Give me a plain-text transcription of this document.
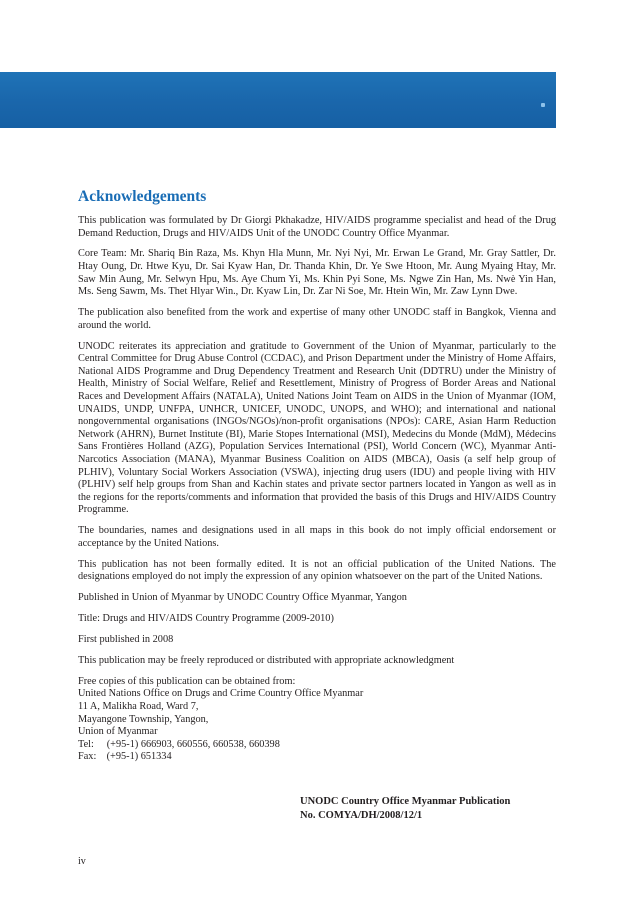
Acknowledgements

This publication was formulated by Dr Giorgi Pkhakadze, HIV/AIDS programme specialist and head of the Drug Demand Reduction, Drugs and HIV/AIDS Unit of the UNODC Country Office Myanmar.

Core Team: Mr. Shariq Bin Raza, Ms. Khyn Hla Munn, Mr. Nyi Nyi, Mr. Erwan Le Grand, Mr. Gray Sattler, Dr. Htay Oung, Dr. Htwe Kyu, Dr. Sai Kyaw Han, Dr. Thanda Khin, Dr. Ye Swe Htoon, Mr. Aung Myaing Htay, Mr. Saw Min Aung, Mr. Selwyn Hpu, Ms. Aye Chum Yi, Ms. Khin Pyi Sone, Ms. Ngwe Zin Han, Ms. Nwè Yin Han, Ms. Seng Sawm, Ms. Thet Hlyar Win., Dr. Kyaw Lin, Dr. Zar Ni Soe, Mr. Htein Win, Mr. Zaw Lynn Dwe.

The publication also benefited from the work and expertise of many other UNODC staff in Bangkok, Vienna and around the world.

UNODC reiterates its appreciation and gratitude to Government of the Union of Myanmar, particularly to the Central Committee for Drug Abuse Control (CCDAC), and Prison Department under the Ministry of Home Affairs, National AIDS Programme and Drug Dependency Treatment and Research Unit (DDTRU) under the Ministry of Health, Ministry of Social Welfare, Relief and Resettlement, Ministry of Progress of Border Areas and National Races and Development Affairs (NATALA), United Nations Joint Team on AIDS in the Union of Myanmar (IOM, UNAIDS, UNDP, UNFPA, UNHCR, UNICEF, UNODC, UNOPS, and WHO); and international and national nongovernmental organisations (INGOs/NGOs)/non-profit organisations (NPOs): CARE, Asian Harm Reduction Network (AHRN), Burnet Institute (BI), Marie Stopes International (MSI), Medecins du Monde (MdM), Médecins Sans Frontières Holland (AZG), Population Services International (PSI), World Concern (WC), Myanmar Anti-Narcotics Association (MANA), Myanmar Business Coalition on AIDS (MBCA), Oasis (a self help group of PLHIV), Voluntary Social Workers Association (VSWA), injecting drug users (IDU) and people living with HIV (PLHIV) self help groups from Shan and Kachin states and private sector partners located in Yangon as well as in the regions for the reports/comments and information that provided the basis of this Drugs and HIV/AIDS Country Programme.

The boundaries, names and designations used in all maps in this book do not imply official endorsement or acceptance by the United Nations.

This publication has not been formally edited. It is not an official publication of the United Nations. The designations employed do not imply the expression of any opinion whatsoever on the part of the United Nations.

Published in Union of Myanmar by UNODC Country Office Myanmar, Yangon

Title: Drugs and HIV/AIDS Country Programme (2009-2010)

First published in 2008

This publication may be freely reproduced or distributed with appropriate acknowledgment

Free copies of this publication can be obtained from:

United Nations Office on Drugs and Crime Country Office Myanmar

11 A, Malikha Road, Ward 7,

Mayangone Township, Yangon,

Union of Myanmar

Tel:     (+95-1) 666903, 660556, 660538, 660398

Fax:    (+95-1) 651334

UNODC Country Office Myanmar Publication
No. COMYA/DH/2008/12/1
iv
